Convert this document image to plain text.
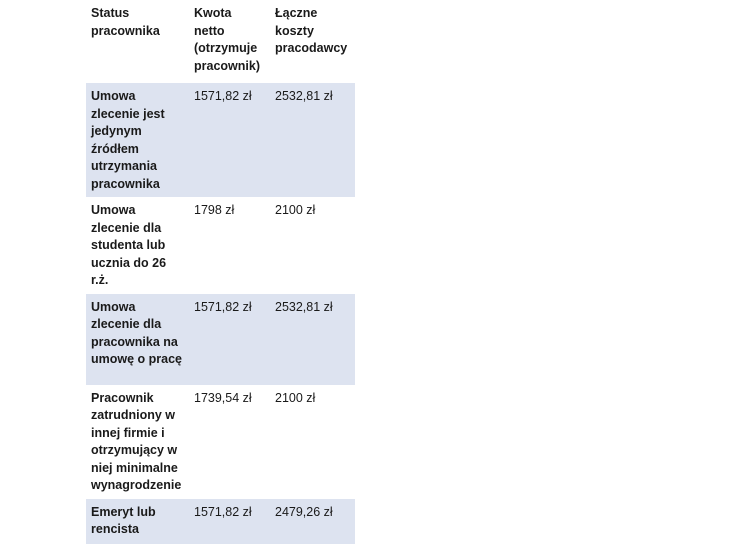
Status pracownika	Kwota netto (otrzymuje pracownik)	Łączne koszty pracodawcy
Umowa zlecenie jest jedynym źródłem utrzymania pracownika	1571,82 zł	2532,81 zł
Umowa zlecenie dla studenta lub ucznia do 26 r.ż.	1798 zł	2100 zł
Umowa zlecenie dla pracownika na umowę o pracę	1571,82 zł	2532,81 zł
Pracownik zatrudniony w innej firmie i otrzymujący w niej minimalne wynagrodzenie	1739,54 zł	2100 zł
Emeryt lub rencista	1571,82 zł	2479,26 zł
